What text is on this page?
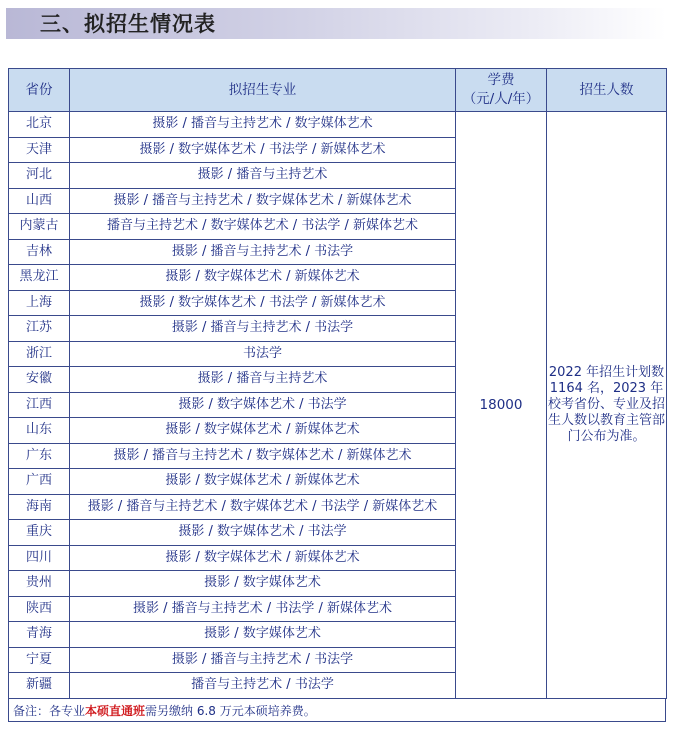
三、拟招生情况表
省份	拟招生专业	学费
（元/人/年）	招生人数
北京	摄影 / 播音与主持艺术 / 数字媒体艺术	18000	2022 年招生计划数 1164 名，2023 年校考省份、专业及招生人数以教育主管部门公布为准。
天津	摄影 / 数字媒体艺术 / 书法学 / 新媒体艺术		
河北	摄影 / 播音与主持艺术		
山西	摄影 / 播音与主持艺术 / 数字媒体艺术 / 新媒体艺术		
内蒙古	播音与主持艺术 / 数字媒体艺术 / 书法学 / 新媒体艺术		
吉林	摄影 / 播音与主持艺术 / 书法学		
黑龙江	摄影 / 数字媒体艺术 / 新媒体艺术		
上海	摄影 / 数字媒体艺术 / 书法学 / 新媒体艺术		
江苏	摄影 / 播音与主持艺术 / 书法学		
浙江	书法学		
安徽	摄影 / 播音与主持艺术		
江西	摄影 / 数字媒体艺术 / 书法学		
山东	摄影 / 数字媒体艺术 / 新媒体艺术		
广东	摄影 / 播音与主持艺术 / 数字媒体艺术 / 新媒体艺术		
广西	摄影 / 数字媒体艺术 / 新媒体艺术		
海南	摄影 / 播音与主持艺术 / 数字媒体艺术 / 书法学 / 新媒体艺术		
重庆	摄影 / 数字媒体艺术 / 书法学		
四川	摄影 / 数字媒体艺术 / 新媒体艺术		
贵州	摄影 / 数字媒体艺术		
陕西	摄影 / 播音与主持艺术 / 书法学 / 新媒体艺术		
青海	摄影 / 数字媒体艺术		
宁夏	摄影 / 播音与主持艺术 / 书法学		
新疆	播音与主持艺术 / 书法学		
备注：各专业本硕直通班需另缴纳 6.8 万元本硕培养费。
